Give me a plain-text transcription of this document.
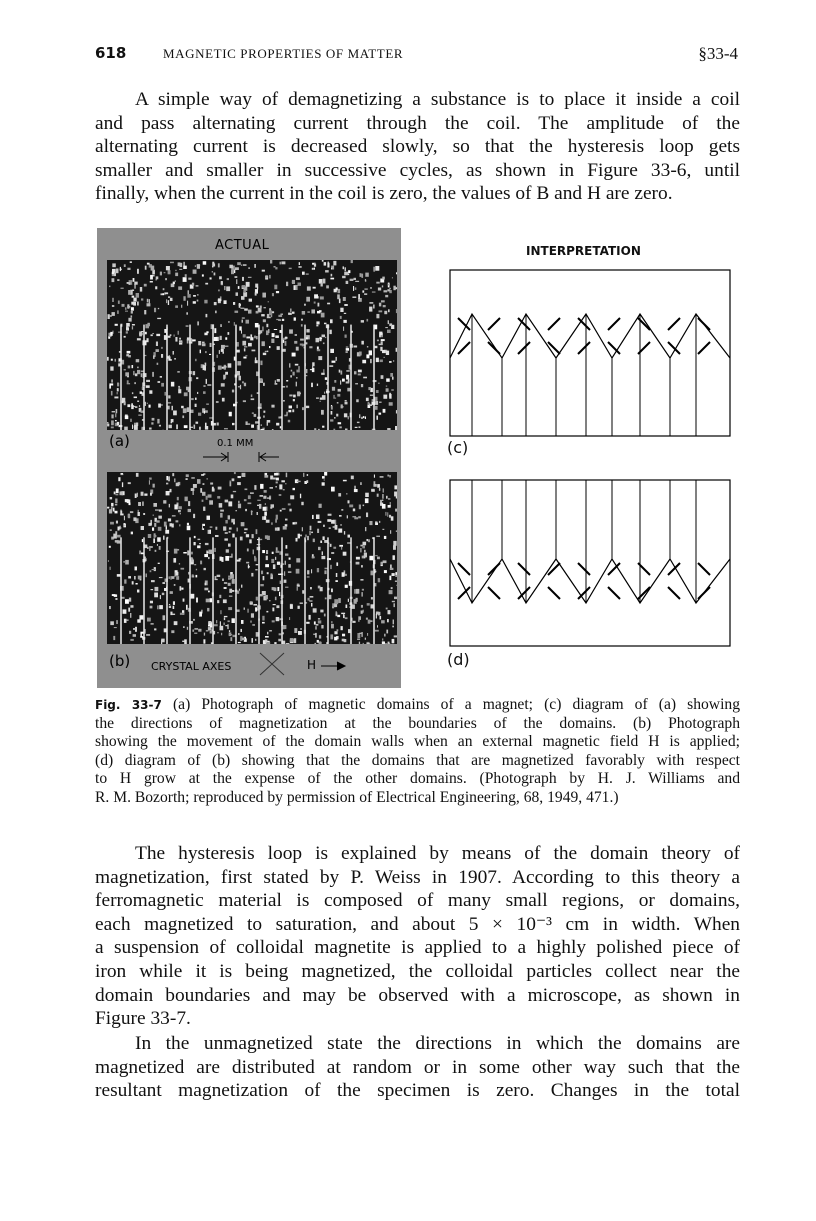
618	MAGNETIC PROPERTIES OF MATTER	§33-4

A simple way of demagnetizing a substance is to place it inside a coil
and pass alternating current through the coil. The amplitude of the
alternating current is decreased slowly, so that the hysteresis loop gets
smaller and smaller in successive cycles, as shown in Figure 33-6, until
finally, when the current in the coil is zero, the values of B and H are zero.

ACTUAL
(a)	0.1 MM
(b) CRYSTAL AXES	H
INTERPRETATION
(c)
(d)
Fig. 33-7 (a) Photograph of magnetic domains of a magnet; (c) diagram of (a) showing
the directions of magnetization at the boundaries of the domains. (b) Photograph
showing the movement of the domain walls when an external magnetic field H is applied;
(d) diagram of (b) showing that the domains that are magnetized favorably with respect
to H grow at the expense of the other domains. (Photograph by H. J. Williams and
R. M. Bozorth; reproduced by permission of Electrical Engineering, 68, 1949, 471.)

The hysteresis loop is explained by means of the domain theory of
magnetization, first stated by P. Weiss in 1907. According to this theory a
ferromagnetic material is composed of many small regions, or domains,
each magnetized to saturation, and about 5 × 10⁻³ cm in width. When
a suspension of colloidal magnetite is applied to a highly polished piece of
iron while it is being magnetized, the colloidal particles collect near the
domain boundaries and may be observed with a microscope, as shown in
Figure 33-7.

In the unmagnetized state the directions in which the domains are
magnetized are distributed at random or in some other way such that the
resultant magnetization of the specimen is zero. Changes in the total
